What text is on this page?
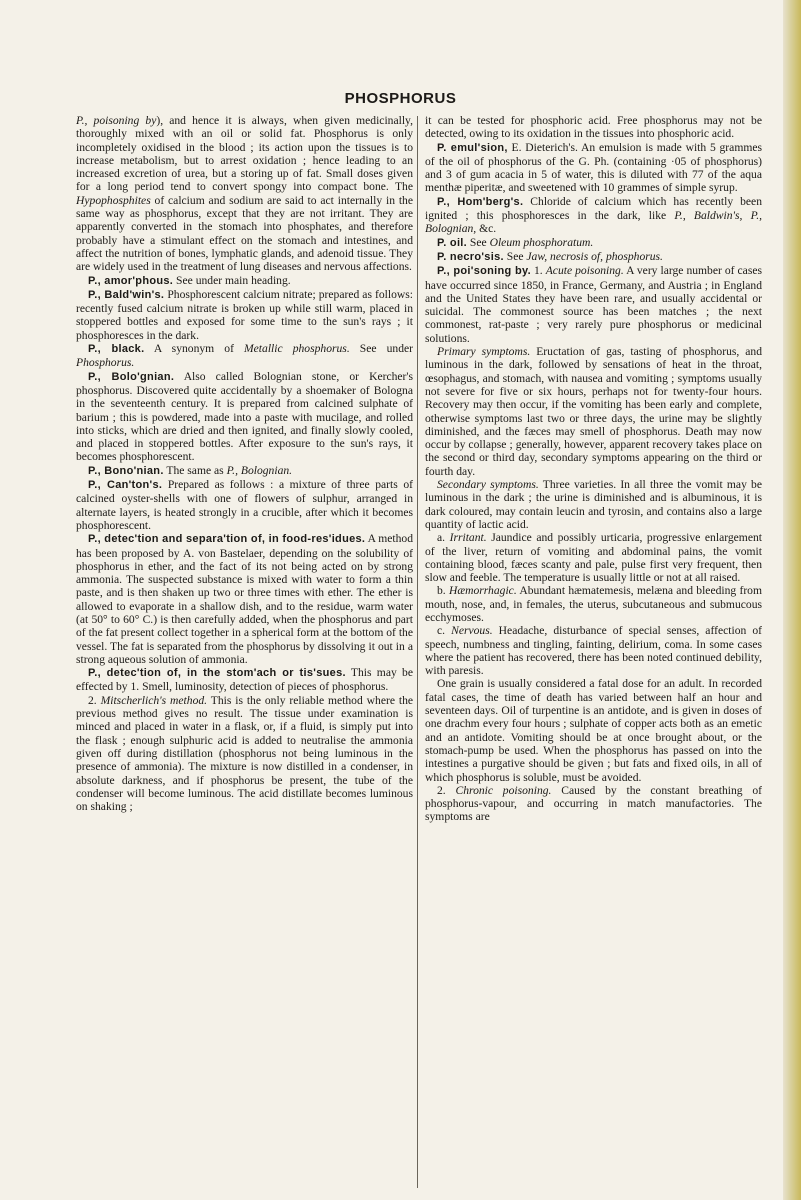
PHOSPHORUS

P., poisoning by), and hence it is always, when given medicinally, thoroughly mixed with an oil or solid fat. Phosphorus is only incompletely oxidised in the blood ; its action upon the tissues is to increase metabolism, but to arrest oxidation ; hence leading to an increased excretion of urea, but a storing up of fat. Small doses given for a long period tend to convert spongy into compact bone. The Hypophosphites of calcium and sodium are said to act internally in the same way as phosphorus, except that they are not irritant. They are apparently converted in the stomach into phosphates, and therefore probably have a stimulant effect on the stomach and intestines, and affect the nutrition of bones, lymphatic glands, and adenoid tissue. They are widely used in the treatment of lung diseases and nervous affections.

P., amor'phous. See under main heading.

P., Bald'win's. Phosphorescent calcium nitrate; prepared as follows: recently fused calcium nitrate is broken up while still warm, placed in stoppered bottles and exposed for some time to the sun's rays ; it phosphoresces in the dark.

P., black. A synonym of Metallic phosphorus. See under Phosphorus.

P., Bolo'gnian. Also called Bolognian stone, or Kercher's phosphorus. Discovered quite accidentally by a shoemaker of Bologna in the seventeenth century. It is prepared from calcined sulphate of barium ; this is powdered, made into a paste with mucilage, and rolled into sticks, which are dried and then ignited, and finally slowly cooled, and placed in stoppered bottles. After exposure to the sun's rays, it becomes phosphorescent.

P., Bono'nian. The same as P., Bolognian.

P., Can'ton's. Prepared as follows : a mixture of three parts of calcined oyster-shells with one of flowers of sulphur, arranged in alternate layers, is heated strongly in a crucible, after which it becomes phosphorescent.

P., detec'tion and separa'tion of, in food-res'idues. A method has been proposed by A. von Bastelaer, depending on the solubility of phosphorus in ether, and the fact of its not being acted on by strong ammonia. The suspected substance is mixed with water to form a thin paste, and is then shaken up two or three times with ether. The ether is allowed to evaporate in a shallow dish, and to the residue, warm water (at 50° to 60° C.) is then carefully added, when the phosphorus and part of the fat present collect together in a spherical form at the bottom of the vessel. The fat is separated from the phosphorus by dissolving it out in a strong aqueous solution of ammonia.

P., detec'tion of, in the stom'ach or tis'sues. This may be effected by 1. Smell, luminosity, detection of pieces of phosphorus.

2. Mitscherlich's method. This is the only reliable method where the previous method gives no result. The tissue under examination is minced and placed in water in a flask, or, if a fluid, is simply put into the flask ; enough sulphuric acid is added to neutralise the ammonia given off during distillation (phosphorus not being luminous in the presence of ammonia). The mixture is now distilled in a condenser, in absolute darkness, and if phosphorus be present, the tube of the condenser will become luminous. The acid distillate becomes luminous on shaking ;

it can be tested for phosphoric acid. Free phosphorus may not be detected, owing to its oxidation in the tissues into phosphoric acid.

P. emul'sion, E. Dieterich's. An emulsion is made with 5 grammes of the oil of phosphorus of the G. Ph. (containing ·05 of phosphorus) and 3 of gum acacia in 5 of water, this is diluted with 77 of the aqua menthæ piperitæ, and sweetened with 10 grammes of simple syrup.

P., Hom'berg's. Chloride of calcium which has recently been ignited ; this phosphoresces in the dark, like P., Baldwin's, P., Bolognian, &c.

P. oil. See Oleum phosphoratum.

P. necro'sis. See Jaw, necrosis of, phosphorus.

P., poi'soning by. 1. Acute poisoning. A very large number of cases have occurred since 1850, in France, Germany, and Austria ; in England and the United States they have been rare, and usually accidental or suicidal. The commonest source has been matches ; the next commonest, rat-paste ; very rarely pure phosphorus or medicinal solutions.

Primary symptoms. Eructation of gas, tasting of phosphorus, and luminous in the dark, followed by sensations of heat in the throat, œsophagus, and stomach, with nausea and vomiting ; symptoms usually not severe for five or six hours, perhaps not for twenty-four hours. Recovery may then occur, if the vomiting has been early and complete, otherwise symptoms last two or three days, the urine may be slightly diminished, and the fæces may smell of phosphorus. Death may now occur by collapse ; generally, however, apparent recovery takes place on the second or third day, secondary symptoms appearing on the third or fourth day.

Secondary symptoms. Three varieties. In all three the vomit may be luminous in the dark ; the urine is diminished and is albuminous, it is dark coloured, may contain leucin and tyrosin, and contains also a large quantity of lactic acid.

a. Irritant. Jaundice and possibly urticaria, progressive enlargement of the liver, return of vomiting and abdominal pains, the vomit containing blood, fæces scanty and pale, pulse first very frequent, then slow and feeble. The temperature is usually little or not at all raised.

b. Hæmorrhagic. Abundant hæmatemesis, melæna and bleeding from mouth, nose, and, in females, the uterus, subcutaneous and submucous ecchymoses.

c. Nervous. Headache, disturbance of special senses, affection of speech, numbness and tingling, fainting, delirium, coma. In some cases where the patient has recovered, there has been noted continued debility, with paresis.

One grain is usually considered a fatal dose for an adult. In recorded fatal cases, the time of death has varied between half an hour and seventeen days. Oil of turpentine is an antidote, and is given in doses of one drachm every four hours ; sulphate of copper acts both as an emetic and an antidote. Vomiting should be at once brought about, or the stomach-pump be used. When the phosphorus has passed on into the intestines a purgative should be given ; but fats and fixed oils, in all of which phosphorus is soluble, must be avoided.

2. Chronic poisoning. Caused by the constant breathing of phosphorus-vapour, and occurring in match manufactories. The symptoms are
